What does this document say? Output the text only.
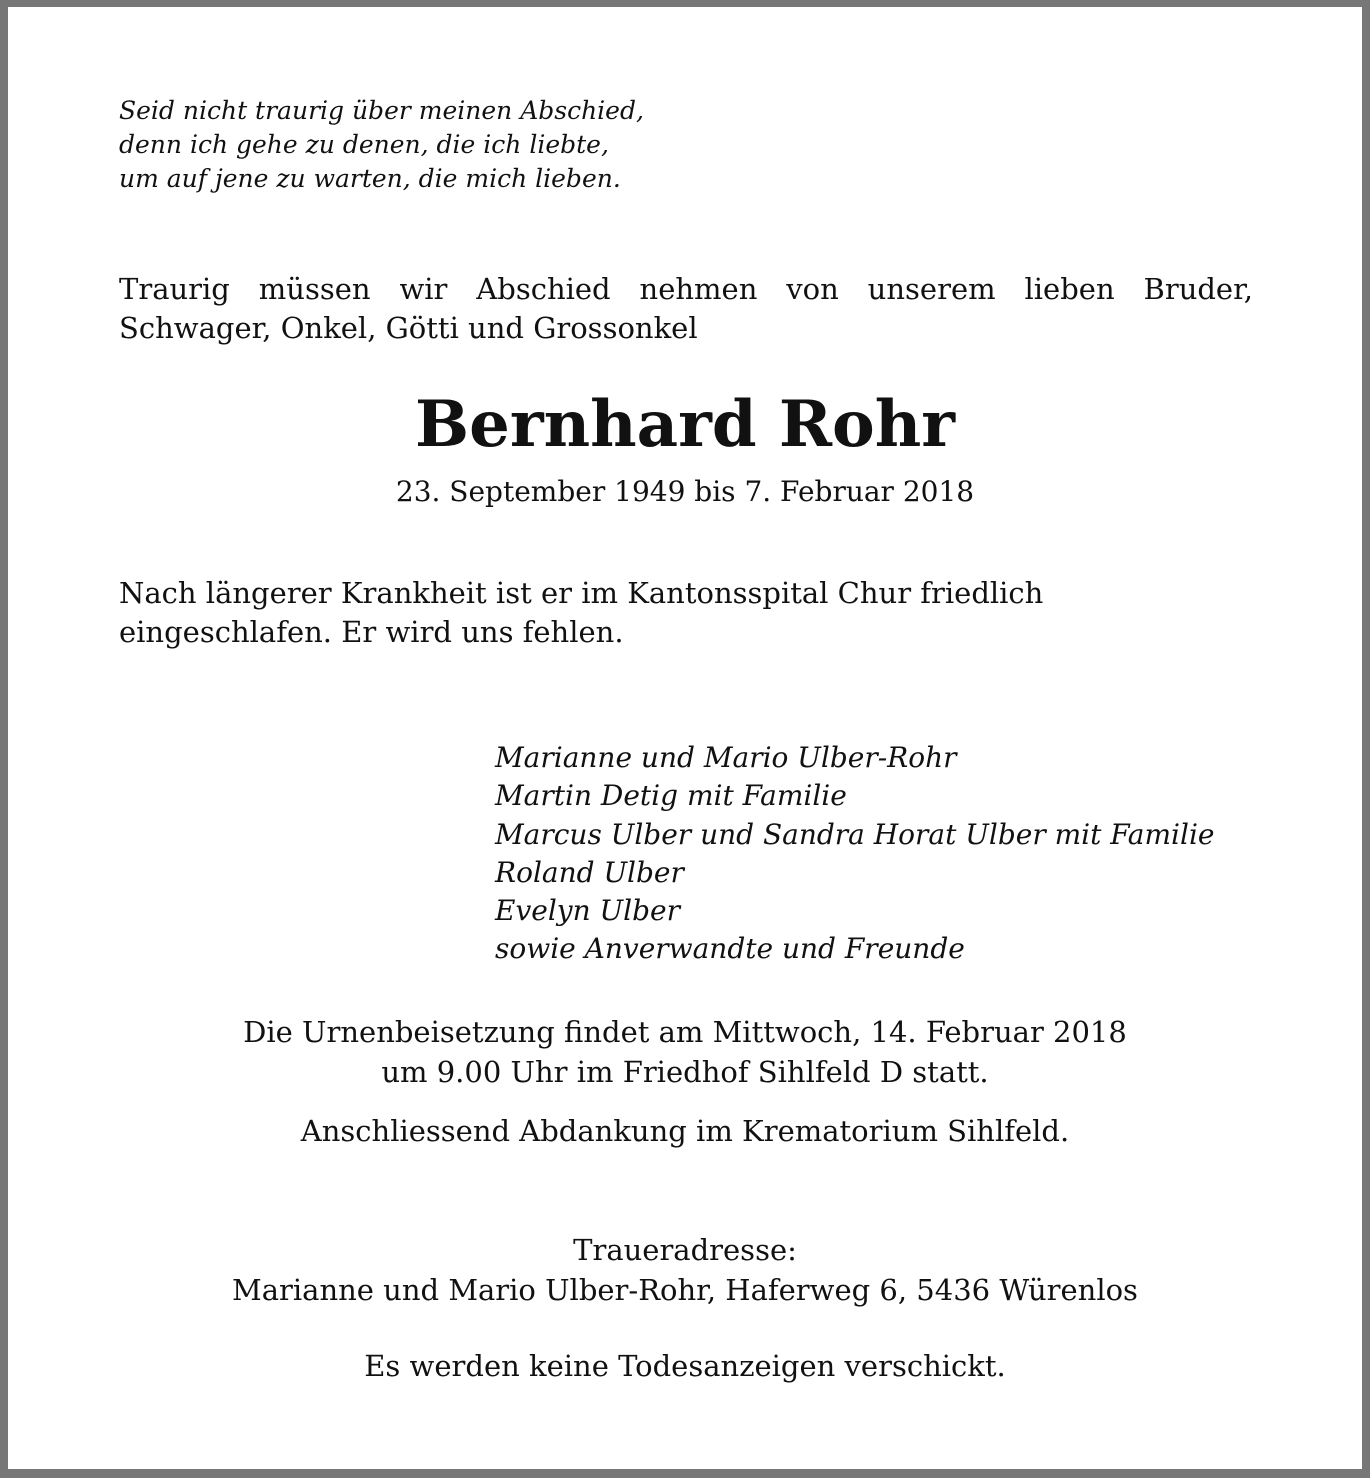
Seid nicht traurig über meinen Abschied,
denn ich gehe zu denen, die ich liebte,
um auf jene zu warten, die mich lieben.
Traurig müssen wir Abschied nehmen von unserem lieben Bruder,
Schwager, Onkel, Götti und Grossonkel
Bernhard Rohr
23. September 1949 bis 7. Februar 2018
Nach längerer Krankheit ist er im Kantonsspital Chur friedlich
eingeschlafen. Er wird uns fehlen.
Marianne und Mario Ulber-Rohr
Martin Detig mit Familie
Marcus Ulber und Sandra Horat Ulber mit Familie
Roland Ulber
Evelyn Ulber
sowie Anverwandte und Freunde
Die Urnenbeisetzung findet am Mittwoch, 14. Februar 2018
um 9.00 Uhr im Friedhof Sihlfeld D statt.
Anschliessend Abdankung im Krematorium Sihlfeld.
Traueradresse:
Marianne und Mario Ulber-Rohr, Haferweg 6, 5436 Würenlos
Es werden keine Todesanzeigen verschickt.
